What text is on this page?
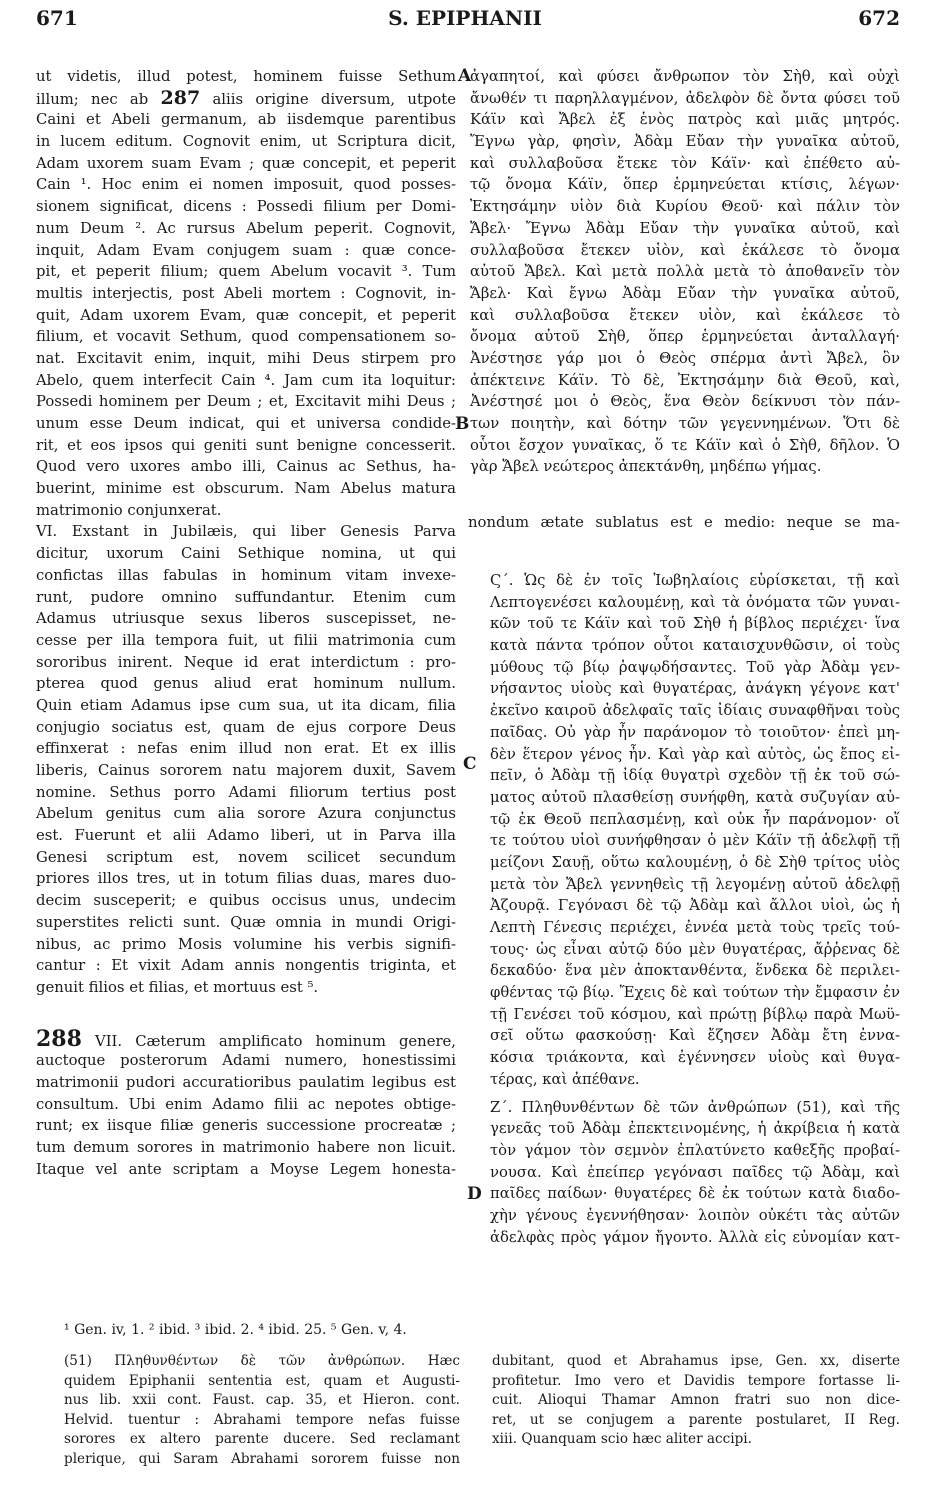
671	S. EPIPHANII	672
ut videtis, illud potest, hominem fuisse Sethum
illum; nec ab 287 aliis origine diversum, utpote
Caini et Abeli germanum, ab iisdemque parentibus
in lucem editum. Cognovit enim, ut Scriptura dicit,
Adam uxorem suam Evam ; quæ concepit, et peperit
Cain ¹. Hoc enim ei nomen imposuit, quod posses-
sionem significat, dicens : Possedi filium per Domi-
num Deum ². Ac rursus Abelum peperit. Cognovit,
inquit, Adam Evam conjugem suam : quæ conce-
pit, et peperit filium; quem Abelum vocavit ³. Tum
multis interjectis, post Abeli mortem : Cognovit, in-
quit, Adam uxorem Evam, quæ concepit, et peperit
filium, et vocavit Sethum, quod compensationem so-
nat. Excitavit enim, inquit, mihi Deus stirpem pro
Abelo, quem interfecit Cain ⁴. Jam cum ita loquitur:
Possedi hominem per Deum ; et, Excitavit mihi Deus ;
unum esse Deum indicat, qui et universa condide-
rit, et eos ipsos qui geniti sunt benigne concesserit.
Quod vero uxores ambo illi, Cainus ac Sethus, ha-
buerint, minime est obscurum. Nam Abelus matura
matrimonio conjunxerat.
VI. Exstant in Jubilæis, qui liber Genesis Parva
dicitur, uxorum Caini Sethique nomina, ut qui
confictas illas fabulas in hominum vitam invexe-
runt, pudore omnino suffundantur. Etenim cum
Adamus utriusque sexus liberos suscepisset, ne-
cesse per illa tempora fuit, ut filii matrimonia cum
sororibus inirent. Neque id erat interdictum : pro-
pterea quod genus aliud erat hominum nullum.
Quin etiam Adamus ipse cum sua, ut ita dicam, filia
conjugio sociatus est, quam de ejus corpore Deus
effinxerat : nefas enim illud non erat. Et ex illis
liberis, Cainus sororem natu majorem duxit, Savem
nomine. Sethus porro Adami filiorum tertius post
Abelum genitus cum alia sorore Azura conjunctus
est. Fuerunt et alii Adamo liberi, ut in Parva illa
Genesi scriptum est, novem scilicet secundum
priores illos tres, ut in totum filias duas, mares duo-
decim susceperit; e quibus occisus unus, undecim
superstites relicti sunt. Quæ omnia in mundi Origi-
nibus, ac primo Mosis volumine his verbis signifi-
cantur : Et vixit Adam annis nongentis triginta, et
genuit filios et filias, et mortuus est ⁵.
288 VII. Cæterum amplificato hominum genere,
auctoque posterorum Adami numero, honestissimi
matrimonii pudori accuratioribus paulatim legibus est
consultum. Ubi enim Adamo filii ac nepotes obtige-
runt; ex iisque filiæ generis successione procreatæ ;
tum demum sorores in matrimonio habere non licuit.
Itaque vel ante scriptam a Moyse Legem honesta-
ἀγαπητοί, καὶ φύσει ἄνθρωπον τὸν Σὴθ, καὶ οὐχὶ
ἄνωθέν τι παρηλλαγμένον, ἀδελφὸν δὲ ὄντα φύσει τοῦ
Κάϊν καὶ Ἄβελ ἐξ ἑνὸς πατρὸς καὶ μιᾶς μητρός.
Ἔγνω γὰρ, φησὶν, Ἀδὰμ Εὔαν τὴν γυναῖκα αὐτοῦ,
καὶ συλλαβοῦσα ἔτεκε τὸν Κάϊν· καὶ ἐπέθετο αὐ-
τῷ ὄνομα Κάϊν, ὅπερ ἑρμηνεύεται κτίσις, λέγων·
Ἐκτησάμην υἱὸν διὰ Κυρίου Θεοῦ· καὶ πάλιν τὸν
Ἄβελ· Ἔγνω Ἀδὰμ Εὔαν τὴν γυναῖκα αὐτοῦ, καὶ
συλλαβοῦσα ἔτεκεν υἱὸν, καὶ ἐκάλεσε τὸ ὄνομα
αὐτοῦ Ἄβελ. Καὶ μετὰ πολλὰ μετὰ τὸ ἀποθανεῖν τὸν
Ἄβελ· Καὶ ἔγνω Ἀδὰμ Εὔαν τὴν γυναῖκα αὐτοῦ,
καὶ συλλαβοῦσα ἔτεκεν υἱὸν, καὶ ἐκάλεσε τὸ
ὄνομα αὐτοῦ Σὴθ, ὅπερ ἑρμηνεύεται ἀνταλλαγή·
Ἀνέστησε γάρ μοι ὁ Θεὸς σπέρμα ἀντὶ Ἄβελ, ὃν
ἀπέκτεινε Κάϊν. Τὸ δὲ, Ἐκτησάμην διὰ Θεοῦ, καὶ,
Ἀνέστησέ μοι ὁ Θεὸς, ἕνα Θεὸν δείκνυσι τὸν πάν-
των ποιητὴν, καὶ δότην τῶν γεγεννημένων. Ὅτι δὲ
οὗτοι ἔσχον γυναῖκας, ὅ τε Κάϊν καὶ ὁ Σὴθ, δῆλον. Ὁ
γὰρ Ἄβελ νεώτερος ἀπεκτάνθη, μηδέπω γήμας.
nondum ætate sublatus est e medio: neque se ma-
Ϛ΄. Ὡς δὲ ἐν τοῖς Ἰωβηλαίοις εὑρίσκεται, τῇ καὶ
Λεπτογενέσει καλουμένῃ, καὶ τὰ ὀνόματα τῶν γυναι-
κῶν τοῦ τε Κάϊν καὶ τοῦ Σὴθ ἡ βίβλος περιέχει· ἵνα
κατὰ πάντα τρόπον οὗτοι καταισχυνθῶσιν, οἱ τοὺς
μύθους τῷ βίῳ ῥαψῳδήσαντες. Τοῦ γὰρ Ἀδὰμ γεν-
νήσαντος υἱοὺς καὶ θυγατέρας, ἀνάγκη γέγονε κατ'
ἐκεῖνο καιροῦ ἀδελφαῖς ταῖς ἰδίαις συναφθῆναι τοὺς
παῖδας. Οὐ γὰρ ἦν παράνομον τὸ τοιοῦτον· ἐπεὶ μη-
δὲν ἕτερον γένος ἦν. Καὶ γὰρ καὶ αὐτὸς, ὡς ἔπος εἰ-
πεῖν, ὁ Ἀδὰμ τῇ ἰδίᾳ θυγατρὶ σχεδὸν τῇ ἐκ τοῦ σώ-
ματος αὐτοῦ πλασθείσῃ συνήφθη, κατὰ συζυγίαν αὐ-
τῷ ἐκ Θεοῦ πεπλασμένῃ, καὶ οὐκ ἦν παράνομον· οἵ
τε τούτου υἱοὶ συνήφθησαν ὁ μὲν Κάϊν τῇ ἀδελφῇ τῇ
μείζονι Σαυῇ, οὕτω καλουμένῃ, ὁ δὲ Σὴθ τρίτος υἱὸς
μετὰ τὸν Ἄβελ γεννηθεὶς τῇ λεγομένῃ αὐτοῦ ἀδελφῇ
Ἀζουρᾷ. Γεγόνασι δὲ τῷ Ἀδὰμ καὶ ἄλλοι υἱοὶ, ὡς ἡ
Λεπτὴ Γένεσις περιέχει, ἐννέα μετὰ τοὺς τρεῖς τού-
τους· ὡς εἶναι αὐτῷ δύο μὲν θυγατέρας, ἄῤῥενας δὲ
δεκαδύο· ἕνα μὲν ἀποκτανθέντα, ἕνδεκα δὲ περιλει-
φθέντας τῷ βίῳ. Ἔχεις δὲ καὶ τούτων τὴν ἔμφασιν ἐν
τῇ Γενέσει τοῦ κόσμου, καὶ πρώτῃ βίβλῳ παρὰ Μωϋ-
σεῖ οὕτω φασκούσῃ· Καὶ ἔζησεν Ἀδὰμ ἔτη ἐννα-
κόσια τριάκοντα, καὶ ἐγέννησεν υἱοὺς καὶ θυγα-
τέρας, καὶ ἀπέθανε.
Ζ΄. Πληθυνθέντων δὲ τῶν ἀνθρώπων (51), καὶ τῆς
γενεᾶς τοῦ Ἀδὰμ ἐπεκτεινομένης, ἡ ἀκρίβεια ἡ κατὰ
τὸν γάμον τὸν σεμνὸν ἐπλατύνετο καθεξῆς προβαί-
νουσα. Καὶ ἐπείπερ γεγόνασι παῖδες τῷ Ἀδὰμ, καὶ
παῖδες παίδων· θυγατέρες δὲ ἐκ τούτων κατὰ διαδο-
χὴν γένους ἐγεννήθησαν· λοιπὸν οὐκέτι τὰς αὐτῶν
ἀδελφὰς πρὸς γάμον ἤγοντο. Ἀλλὰ εἰς εὐνομίαν κατ-
A
B
C
D
¹ Gen. iv, 1. ² ibid. ³ ibid. 2. ⁴ ibid. 25. ⁵ Gen. v, 4.
(51) Πληθυνθέντων δὲ τῶν ἀνθρώπων. Hæc
quidem Epiphanii sententia est, quam et Augusti-
nus lib. xxii cont. Faust. cap. 35, et Hieron. cont.
Helvid. tuentur : Abrahami tempore nefas fuisse
sorores ex altero parente ducere. Sed reclamant
plerique, qui Saram Abrahami sororem fuisse non
dubitant, quod et Abrahamus ipse, Gen. xx, diserte
profitetur. Imo vero et Davidis tempore fortasse li-
cuit. Alioqui Thamar Amnon fratri suo non dice-
ret, ut se conjugem a parente postularet, II Reg.
xiii. Quanquam scio hæc aliter accipi.
